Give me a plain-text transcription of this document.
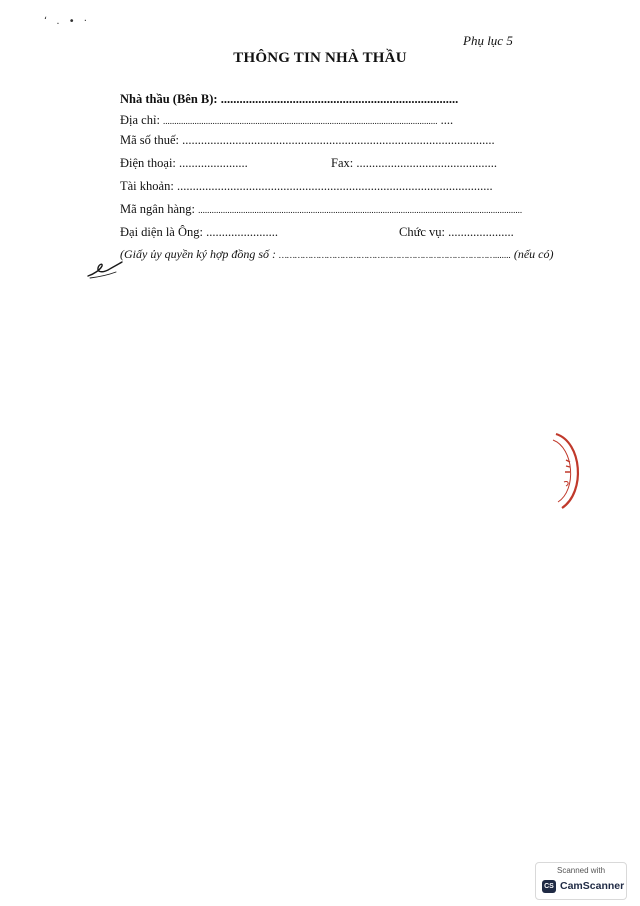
ʻ . • ·
Phụ lục 5
THÔNG TIN NHÀ THẦU
Nhà thầu (Bên B): ............................................................................
Địa chỉ: .......................................................................................................................... ....
Mã số thuế: ....................................................................................................
Điện thoại: ......................	Fax: .............................................
Tài khoản: .....................................................................................................
Mã ngân hàng: ................................................................................................................................................
Đại diện là Ông: .......................	Chức vụ: .....................
(Giấy ủy quyền ký hợp đồng số : ………………………………………………………………………....... (nếu có)
Scanned with
CS CamScanner
